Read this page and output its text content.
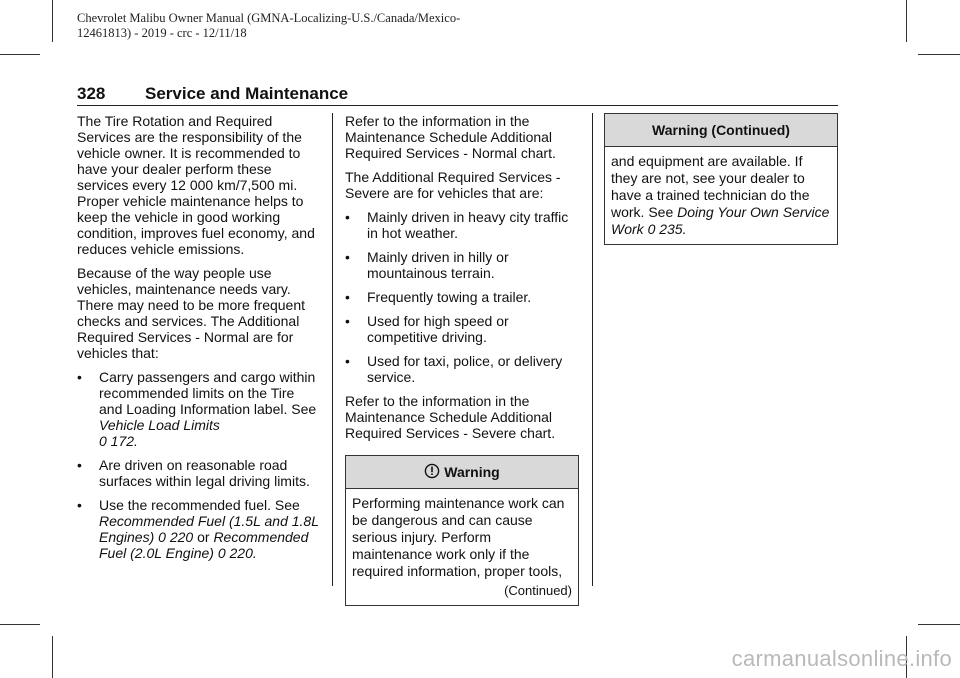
Chevrolet Malibu Owner Manual (GMNA-Localizing-U.S./Canada/Mexico-
12461813) - 2019 - crc - 12/11/18
328 Service and Maintenance

The Tire Rotation and Required Services are the responsibility of the vehicle owner. It is recommended to have your dealer perform these services every 12 000 km/7,500 mi. Proper vehicle maintenance helps to keep the vehicle in good working condition, improves fuel economy, and reduces vehicle emissions.

Because of the way people use vehicles, maintenance needs vary. There may need to be more frequent checks and services. The Additional Required Services - Normal are for vehicles that:

•	Carry passengers and cargo within recommended limits on the Tire and Loading Information label. See Vehicle Load Limits
0 172.
•	Are driven on reasonable road surfaces within legal driving limits.
•	Use the recommended fuel. See Recommended Fuel (1.5L and 1.8L Engines) 0 220 or Recommended Fuel (2.0L Engine) 0 220.

Refer to the information in the Maintenance Schedule Additional Required Services - Normal chart.

The Additional Required Services - Severe are for vehicles that are:

•	Mainly driven in heavy city traffic in hot weather.
•	Mainly driven in hilly or mountainous terrain.
•	Frequently towing a trailer.
•	Used for high speed or competitive driving.
•	Used for taxi, police, or delivery service.

Refer to the information in the Maintenance Schedule Additional Required Services - Severe chart.

Warning
Performing maintenance work can be dangerous and can cause serious injury. Perform maintenance work only if the required information, proper tools,
(Continued)
Warning (Continued)
and equipment are available. If they are not, see your dealer to have a trained technician do the work. See Doing Your Own Service Work 0 235.
carmanualsonline.info
